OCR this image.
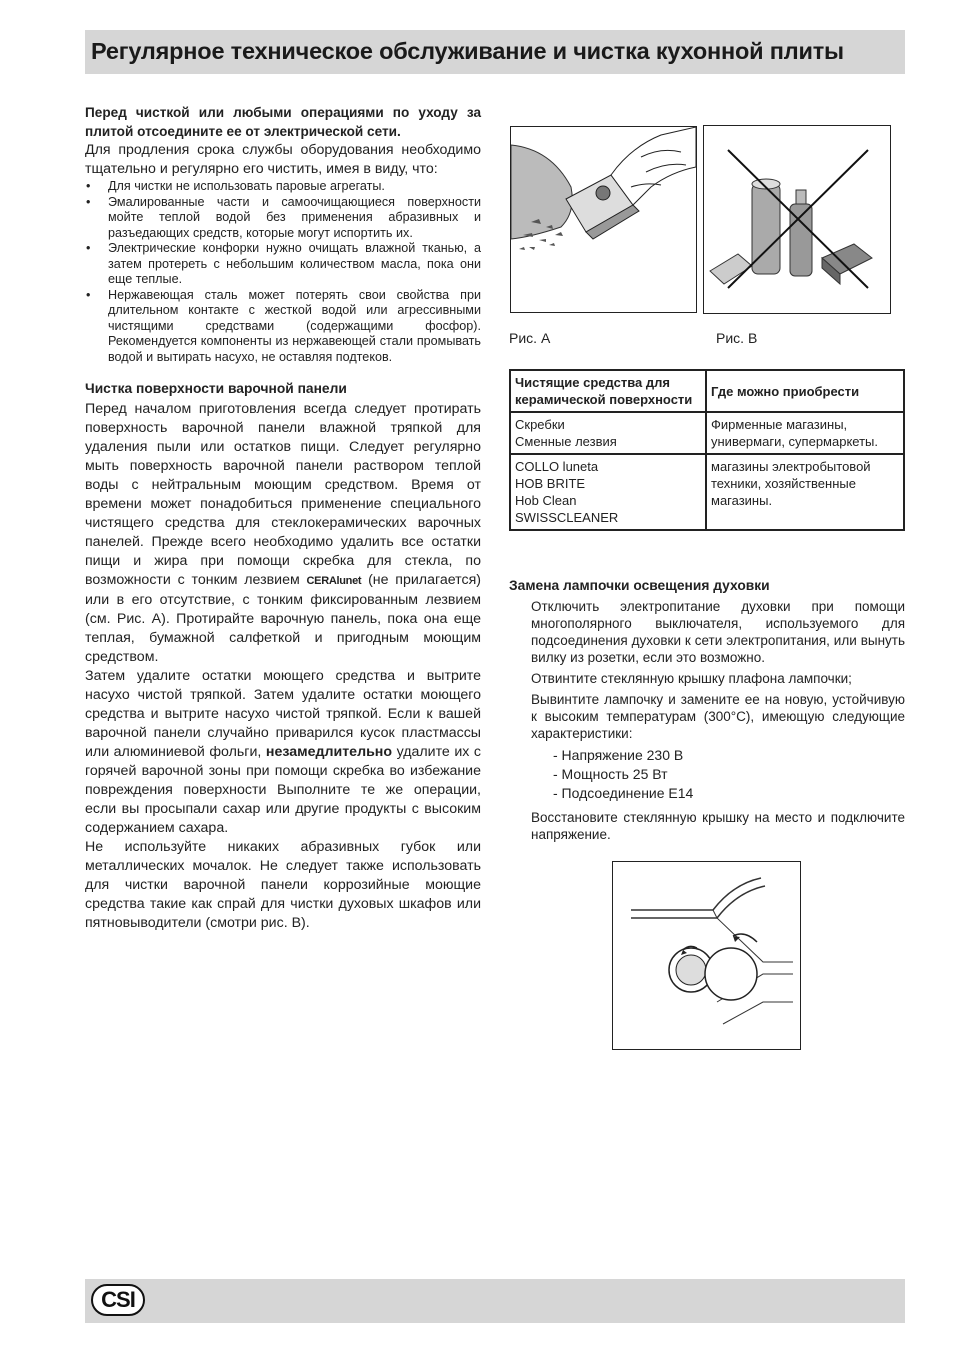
Регулярное техническое обслуживание и чистка кухонной плиты

Перед чисткой или любыми операциями по уходу за плитой отсоедините ее от электрической сети.

Для продления срока службы оборудования необходимо тщательно и регулярно его чистить, имея в виду, что:

• Для чистки не использовать паровые агрегаты.
• Эмалированные части и самоочищающиеся поверхности мойте теплой водой без применения абразивных и разъедающих средств, которые могут испортить их.
• Электрические конфорки нужно очищать влажной тканью, а затем протереть с небольшим количеством масла, пока они еще теплые.
• Нержавеющая сталь может потерять свои свойства при длительном контакте с жесткой водой или агрессивными чистящими средствами (содержащими фосфор). Рекомендуется компоненты из нержавеющей стали промывать водой и вытирать насухо, не оставляя подтеков.
Чистка поверхности варочной панели

Перед началом приготовления всегда следует протирать поверхность варочной панели влажной тряпкой для удаления пыли или остатков пищи. Следует регулярно мыть поверхность варочной панели раствором теплой воды с нейтральным моющим средством. Время от времени может понадобиться применение специального чистящего средства для стеклокерамических варочных панелей. Прежде всего необходимо удалить все остатки пищи и жира при помощи скребка для стекла, по возможности с тонким лезвием CERAlunet (не прилагается) или в его отсутствие, с тонким фиксированным лезвием (см. Рис. А). Протирайте варочную панель, пока она еще теплая, бумажной салфеткой и пригодным моющим средством.

Затем удалите остатки моющего средства и вытрите насухо чистой тряпкой. Затем удалите остатки моющего средства и вытрите насухо чистой тряпкой. Если к вашей варочной панели случайно приварился кусок пластмассы или алюминиевой фольги, незамедлительно удалите их с горячей варочной зоны при помощи скребка во избежание повреждения поверхности Выполните те же операции, если вы просыпали сахар или другие продукты с высоким содержанием сахара.

Не используйте никаких абразивных губок или металлических мочалок. Не следует также использовать для чистки варочной панели коррозийные моющие средства такие как спрай для чистки духовых шкафов или пятновыводители (смотри рис. В).

Рис. А	Рис. В
Чистящие средства для керамической поверхности	Где можно приобрести

Скребки
Сменные лезвия	Фирменные магазины, универмаги, супермаркеты.

COLLO luneta
HOB BRITE
Hob Clean
SWISSCLEANER	магазины электробытовой техники, хозяйственные магазины.
Замена лампочки освещения духовки

Отключить электропитание духовки при помощи многополярного выключателя, используемого для подсоединения духовки к сети электропитания, или вынуть вилку из розетки, если это возможно.

Отвинтите стеклянную крышку плафона лампочки;

Вывинтите лампочку и замените ее на новую, устойчивую к высоким температурам (300°C), имеющую следующие характеристики:

- Напряжение 230 В
- Мощность 25 Вт
- Подсоединение E14

Восстановите стеклянную крышку на место и подключите напряжение.

CSI
